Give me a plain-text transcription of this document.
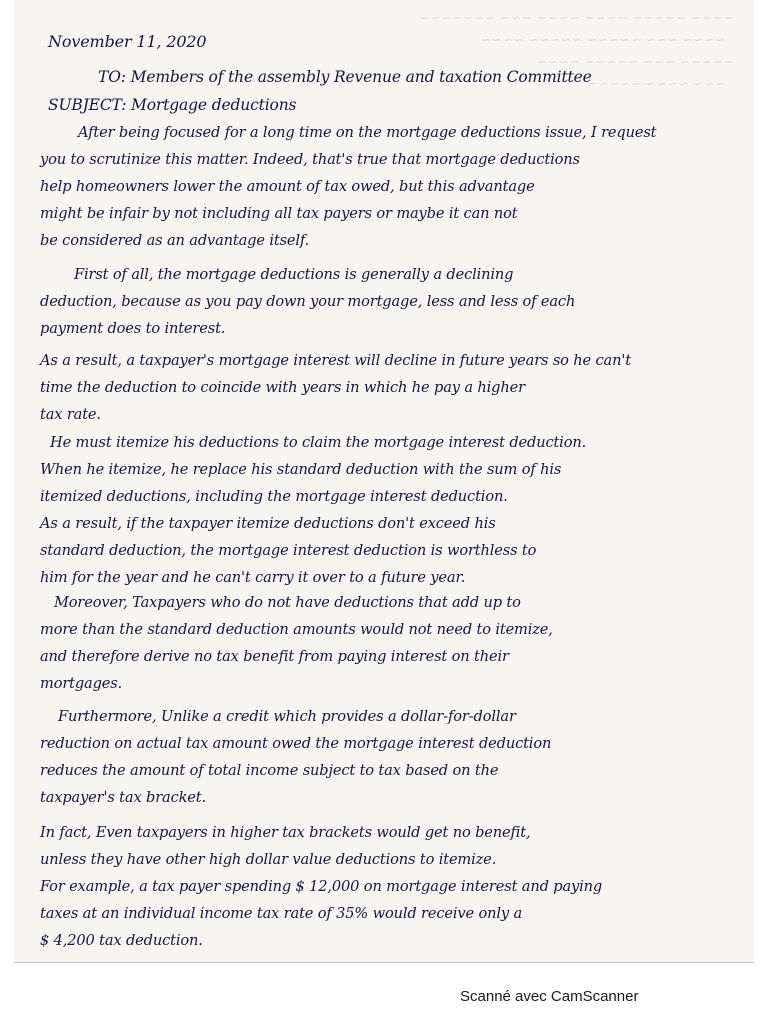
~~~~ ~~~~~ ~~~~ ~~~~ ~~~ ~~~~~~~
~~~~ ~~~ ~~~~~ ~~~~~ ~~~~
~~~~~ ~~~ ~~~~~ ~~~~
~~~ ~~~~ ~~~~~

November 11, 2020

TO: Members of the assembly Revenue and taxation Committee

SUBJECT: Mortgage deductions

After being focused for a long time on the mortgage deductions issue, I request

you to scrutinize this matter. Indeed, that's true that mortgage deductions

help homeowners lower the amount of tax owed, but this advantage

might be infair by not including all tax payers or maybe it can not

be considered as an advantage itself.

First of all, the mortgage deductions is generally a declining

deduction, because as you pay down your mortgage, less and less of each

payment does to interest.

As a result, a taxpayer's mortgage interest will decline in future years so he can't

time the deduction to coincide with years in which he pay a higher

tax rate.

He must itemize his deductions to claim the mortgage interest deduction.

When he itemize, he replace his standard deduction with the sum of his

itemized deductions, including the mortgage interest deduction.

As a result, if the taxpayer itemize deductions don't exceed his

standard deduction, the mortgage interest deduction is worthless to

him for the year and he can't carry it over to a future year.

Moreover, Taxpayers who do not have deductions that add up to

more than the standard deduction amounts would not need to itemize,

and therefore derive no tax benefit from paying interest on their

mortgages.

Furthermore, Unlike a credit which provides a dollar-for-dollar

reduction on actual tax amount owed the mortgage interest deduction

reduces the amount of total income subject to tax based on the

taxpayer's tax bracket.

In fact, Even taxpayers in higher tax brackets would get no benefit,

unless they have other high dollar value deductions to itemize.

For example, a tax payer spending $ 12,000 on mortgage interest and paying

taxes at an individual income tax rate of 35% would receive only a

$ 4,200 tax deduction.

Scanné avec CamScanner
